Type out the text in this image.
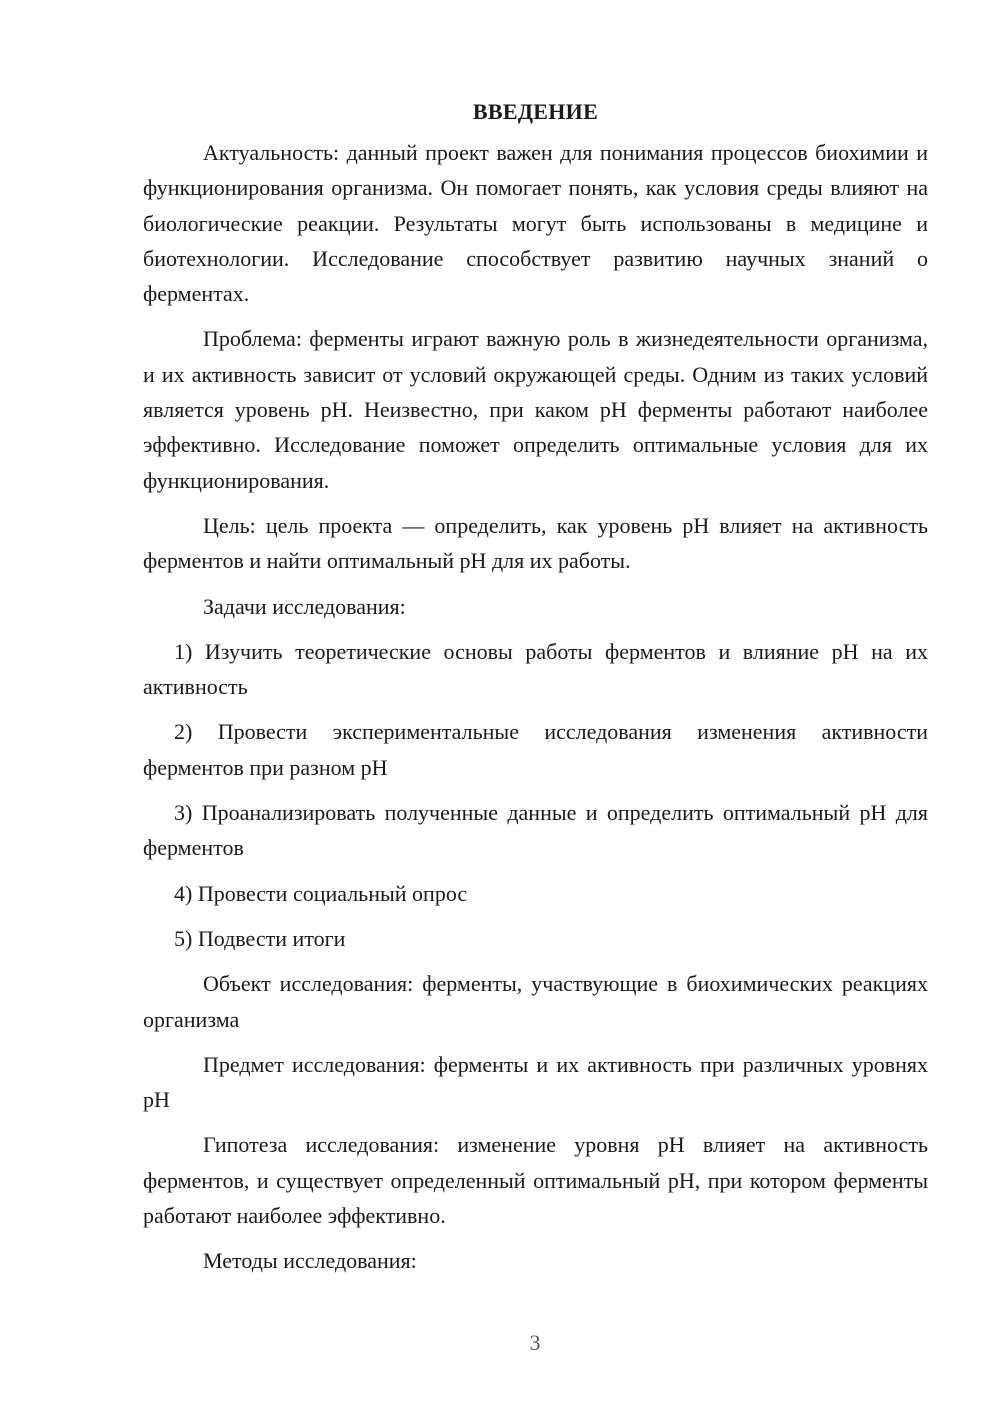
ВВЕДЕНИЕ

Актуальность: данный проект важен для понимания процессов биохимии и функционирования организма. Он помогает понять, как условия среды влияют на биологические реакции. Результаты могут быть использованы в медицине и биотехнологии. Исследование способствует развитию научных знаний о ферментах.

Проблема: ферменты играют важную роль в жизнедеятельности организма, и их активность зависит от условий окружающей среды. Одним из таких условий является уровень pH. Неизвестно, при каком pH ферменты работают наиболее эффективно. Исследование поможет определить оптимальные условия для их функционирования.

Цель: цель проекта — определить, как уровень pH влияет на активность ферментов и найти оптимальный pH для их работы.

Задачи исследования:

1) Изучить теоретические основы работы ферментов и влияние pH на их активность

2) Провести экспериментальные исследования изменения активности ферментов при разном pH

3) Проанализировать полученные данные и определить оптимальный pH для ферментов

4) Провести социальный опрос

5) Подвести итоги

Объект исследования: ферменты, участвующие в биохимических реакциях организма

Предмет исследования: ферменты и их активность при различных уровнях pH

Гипотеза исследования: изменение уровня pH влияет на активность ферментов, и существует определенный оптимальный pH, при котором ферменты работают наиболее эффективно.

Методы исследования:

3
